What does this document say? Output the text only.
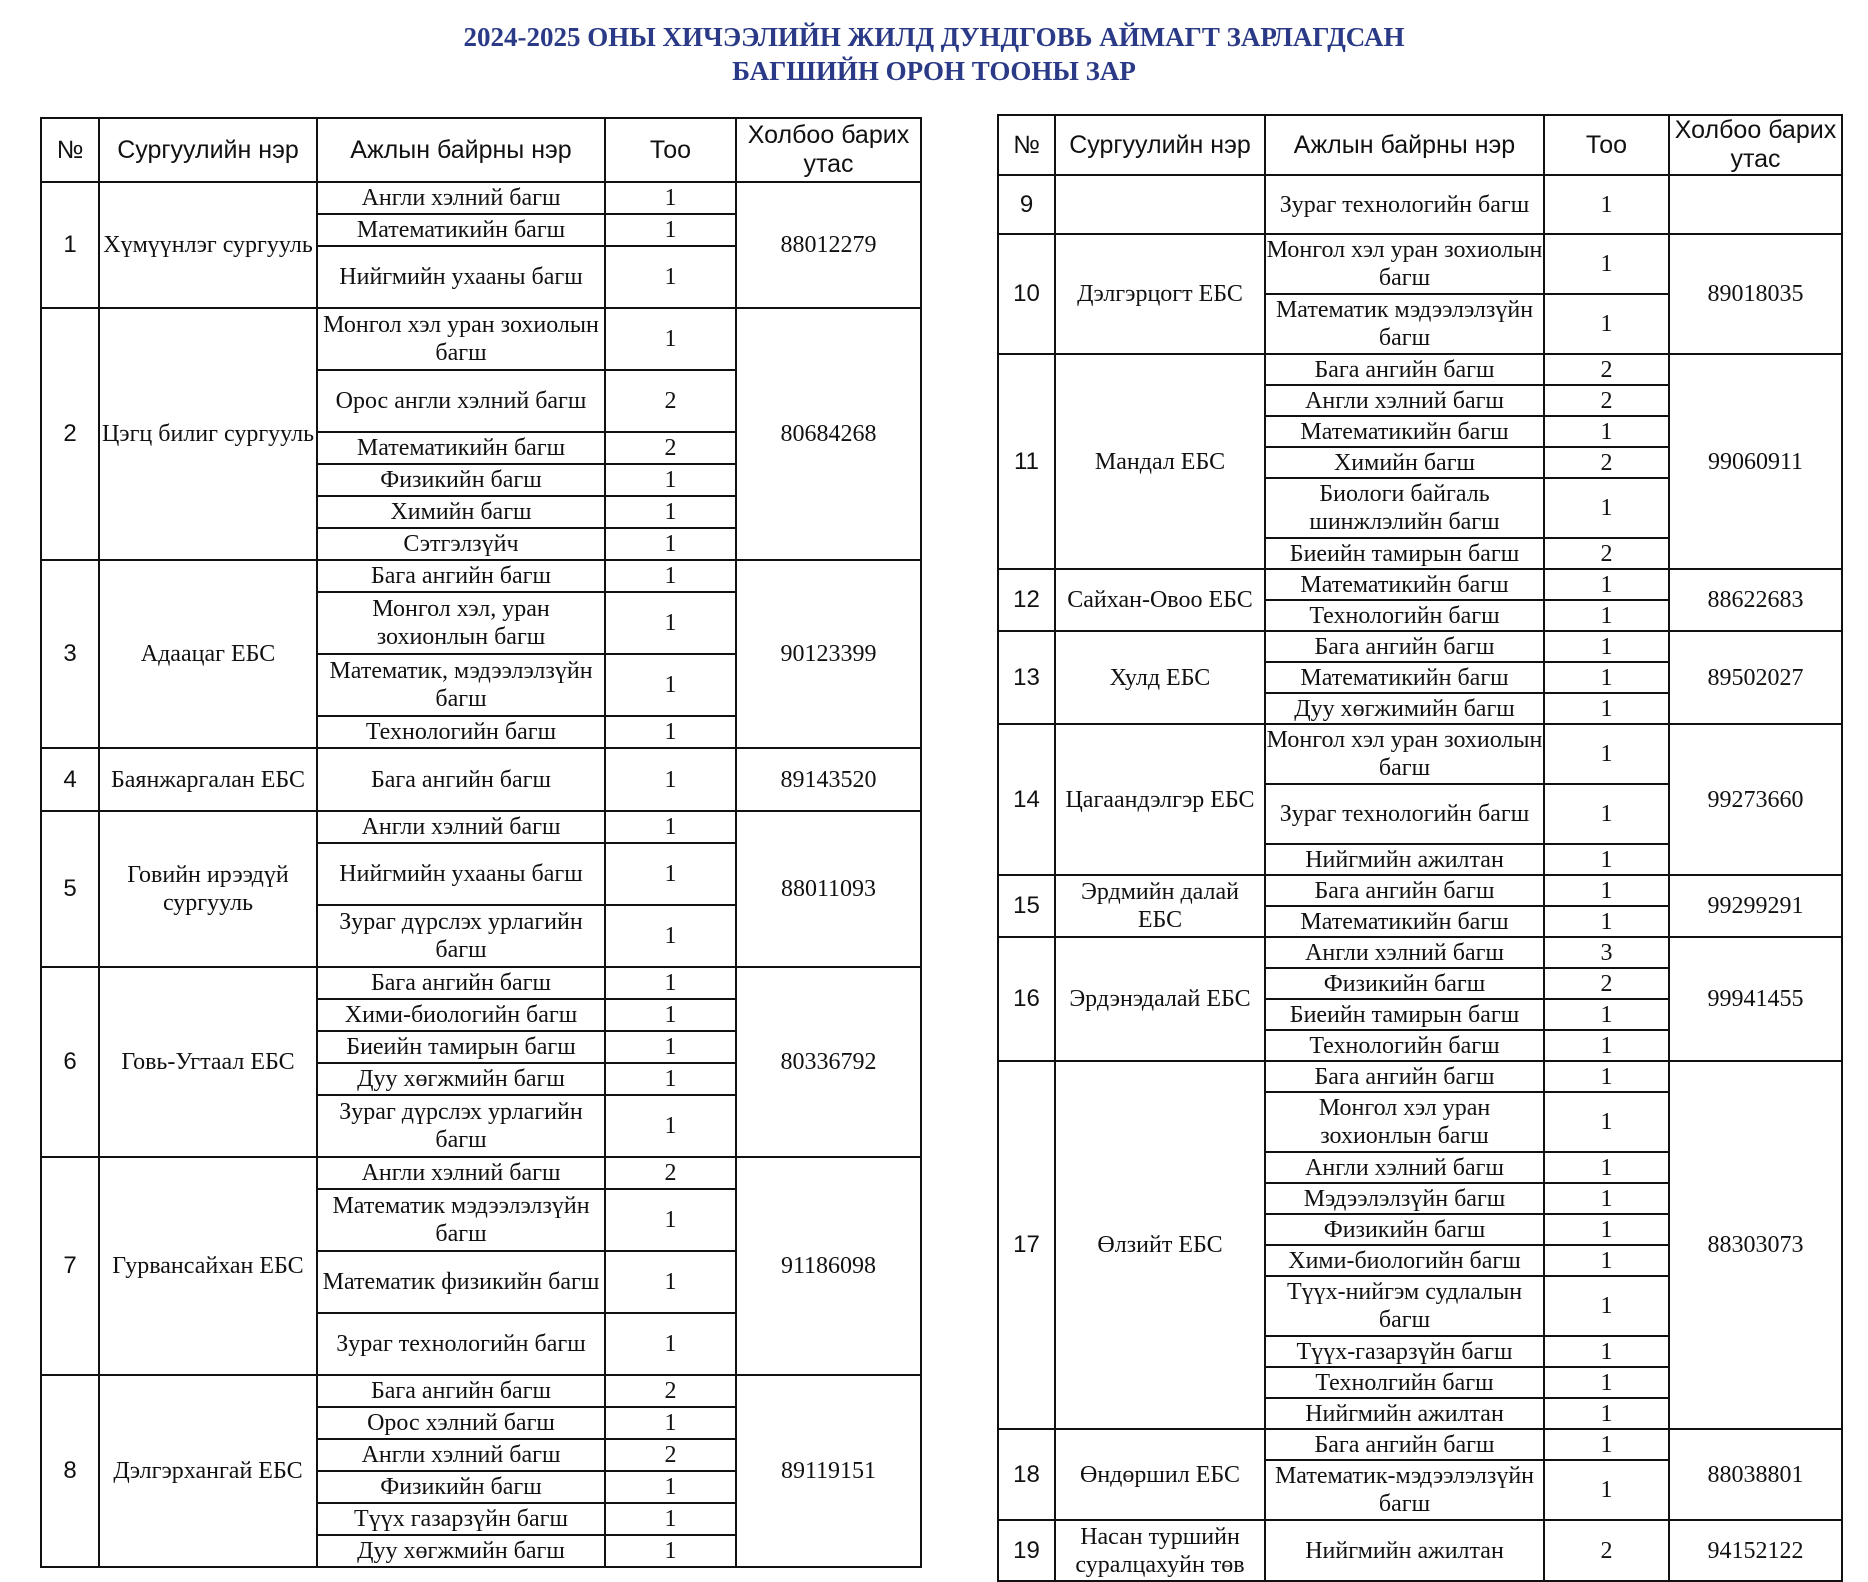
2024-2025 ОНЫ ХИЧЭЭЛИЙН ЖИЛД ДУНДГОВЬ АЙМАГТ ЗАРЛАГДСАН
БАГШИЙН ОРОН ТООНЫ ЗАР
№	Сургуулийн нэр	Ажлын байрны нэр	Тоо	Холбоо барих утас
1	Хүмүүнлэг сургууль	Англи хэлний багш	1	88012279
		Математикийн багш	1	
		Нийгмийн ухааны багш	1	
2	Цэгц билиг сургууль	Монгол хэл уран зохиолын багш	1	80684268
		Орос англи хэлний багш	2	
		Математикийн багш	2	
		Физикийн багш	1	
		Химийн багш	1	
		Сэтгэлзүйч	1	
3	Адаацаг ЕБС	Бага ангийн багш	1	90123399
		Монгол хэл, уран зохионлын багш	1	
		Математик, мэдээлэлзүйн багш	1	
		Технологийн багш	1	
4	Баянжаргалан ЕБС	Бага ангийн багш	1	89143520
5	Говийн ирээдүй сургууль	Англи хэлний багш	1	88011093
		Нийгмийн ухааны багш	1	
		Зураг дүрслэх урлагийн багш	1	
6	Говь-Угтаал ЕБС	Бага ангийн багш	1	80336792
		Хими-биологийн багш	1	
		Биеийн тамирын багш	1	
		Дуу хөгжмийн багш	1	
		Зураг дүрслэх урлагийн багш	1	
7	Гурвансайхан ЕБС	Англи хэлний багш	2	91186098
		Математик мэдээлэлзүйн багш	1	
		Математик физикийн багш	1	
		Зураг технологийн багш	1	
8	Дэлгэрхангай ЕБС	Бага ангийн багш	2	89119151
		Орос хэлний багш	1	
		Англи хэлний багш	2	
		Физикийн багш	1	
		Түүх газарзүйн багш	1	
		Дуу хөгжмийн багш	1	
№	Сургуулийн нэр	Ажлын байрны нэр	Тоо	Холбоо барих утас
9		Зураг технологийн багш	1	
10	Дэлгэрцогт ЕБС	Монгол хэл уран зохиолын багш	1	89018035
		Математик мэдээлэлзүйн багш	1	
11	Мандал ЕБС	Бага ангийн багш	2	99060911
		Англи хэлний багш	2	
		Математикийн багш	1	
		Химийн багш	2	
		Биологи байгаль шинжлэлийн багш	1	
		Биеийн тамирын багш	2	
12	Сайхан-Овоо ЕБС	Математикийн багш	1	88622683
		Технологийн багш	1	
13	Хулд ЕБС	Бага ангийн багш	1	89502027
		Математикийн багш	1	
		Дуу хөгжимийн багш	1	
14	Цагаандэлгэр ЕБС	Монгол хэл уран зохиолын багш	1	99273660
		Зураг технологийн багш	1	
		Нийгмийн ажилтан	1	
15	Эрдмийн далай ЕБС	Бага ангийн багш	1	99299291
		Математикийн багш	1	
16	Эрдэнэдалай ЕБС	Англи хэлний багш	3	99941455
		Физикийн багш	2	
		Биеийн тамирын багш	1	
		Технологийн багш	1	
17	Өлзийт ЕБС	Бага ангийн багш	1	88303073
		Монгол хэл уран зохионлын багш	1	
		Англи хэлний багш	1	
		Мэдээлэлзүйн багш	1	
		Физикийн багш	1	
		Хими-биологийн багш	1	
		Түүх-нийгэм судлалын багш	1	
		Түүх-газарзүйн багш	1	
		Технолгийн багш	1	
		Нийгмийн ажилтан	1	
18	Өндөршил ЕБС	Бага ангийн багш	1	88038801
		Математик-мэдээлэлзүйн багш	1	
19	Насан туршийн суралцахуйн төв	Нийгмийн ажилтан	2	94152122
